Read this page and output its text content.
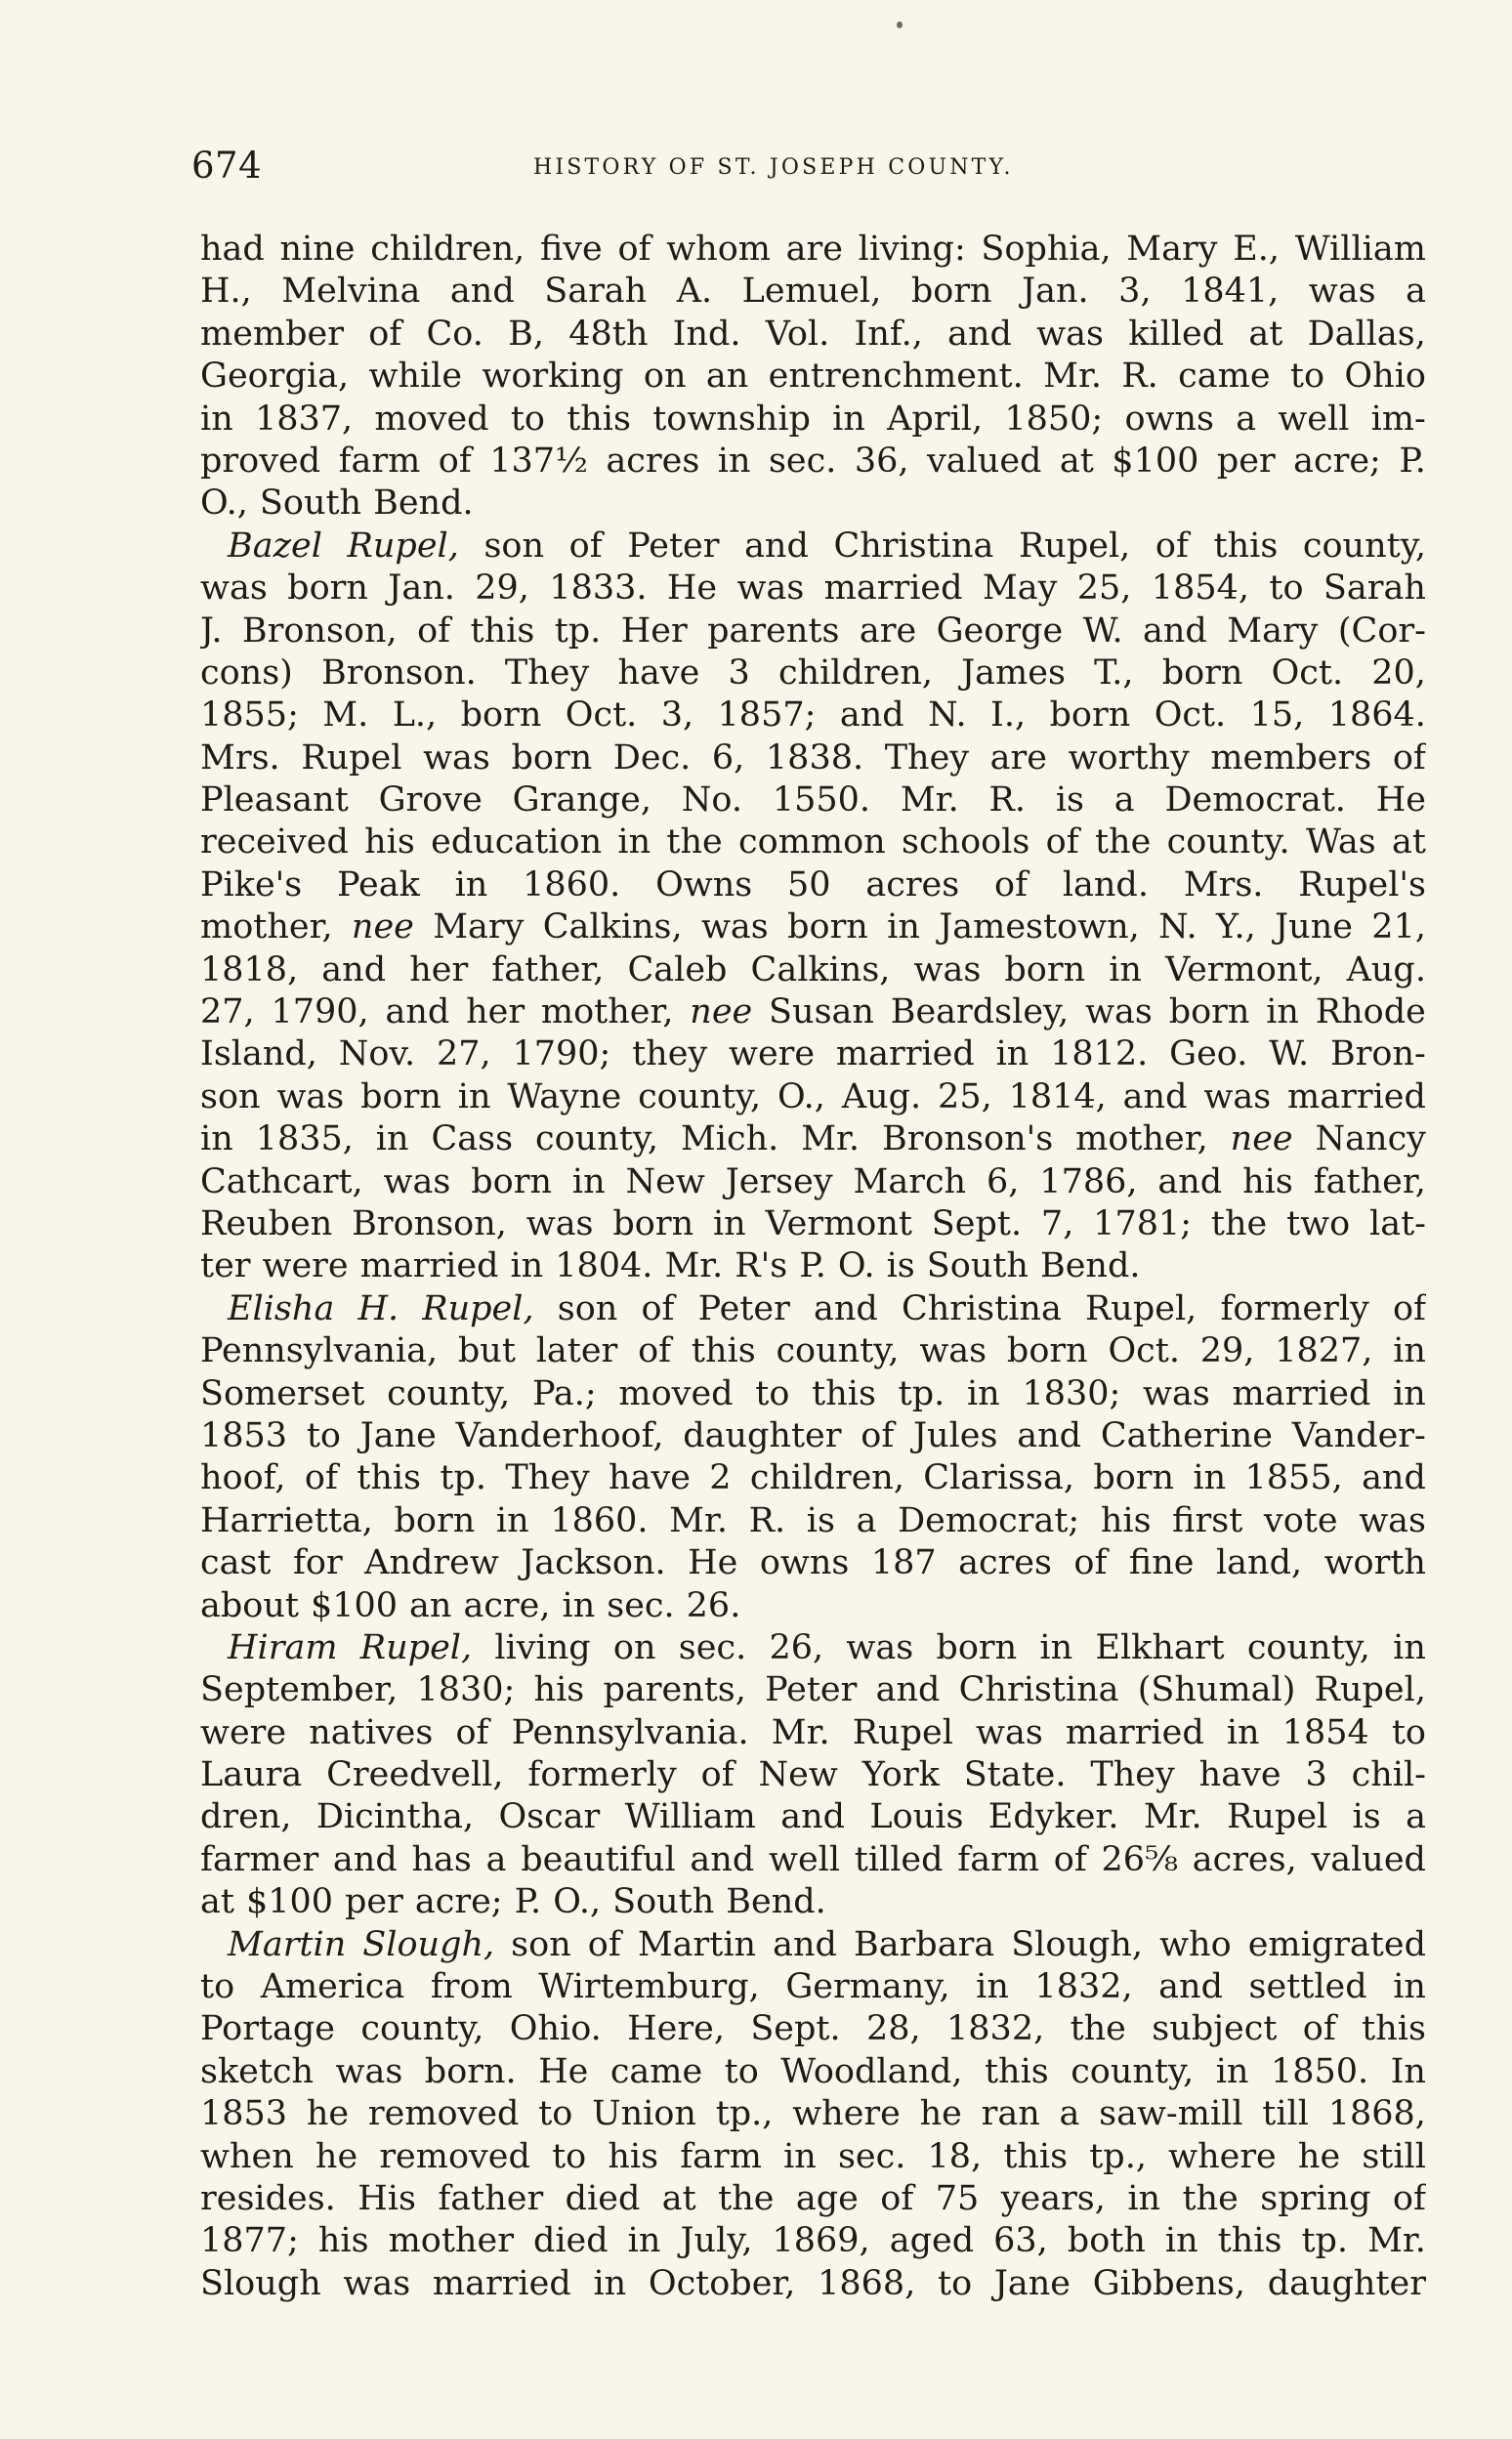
674	HISTORY OF ST. JOSEPH COUNTY.
had nine children, five of whom are living: Sophia, Mary E., William
H., Melvina and Sarah A. Lemuel, born Jan. 3, 1841, was a
member of Co. B, 48th Ind. Vol. Inf., and was killed at Dallas,
Georgia, while working on an entrenchment. Mr. R. came to Ohio
in 1837, moved to this township in April, 1850; owns a well im-
proved farm of 137½ acres in sec. 36, valued at $100 per acre; P.
O., South Bend.
Bazel Rupel, son of Peter and Christina Rupel, of this county,
was born Jan. 29, 1833. He was married May 25, 1854, to Sarah
J. Bronson, of this tp. Her parents are George W. and Mary (Cor-
cons) Bronson. They have 3 children, James T., born Oct. 20,
1855; M. L., born Oct. 3, 1857; and N. I., born Oct. 15, 1864.
Mrs. Rupel was born Dec. 6, 1838. They are worthy members of
Pleasant Grove Grange, No. 1550. Mr. R. is a Democrat. He
received his education in the common schools of the county. Was at
Pike's Peak in 1860. Owns 50 acres of land. Mrs. Rupel's
mother, nee Mary Calkins, was born in Jamestown, N. Y., June 21,
1818, and her father, Caleb Calkins, was born in Vermont, Aug.
27, 1790, and her mother, nee Susan Beardsley, was born in Rhode
Island, Nov. 27, 1790; they were married in 1812. Geo. W. Bron-
son was born in Wayne county, O., Aug. 25, 1814, and was married
in 1835, in Cass county, Mich. Mr. Bronson's mother, nee Nancy
Cathcart, was born in New Jersey March 6, 1786, and his father,
Reuben Bronson, was born in Vermont Sept. 7, 1781; the two lat-
ter were married in 1804. Mr. R's P. O. is South Bend.
Elisha H. Rupel, son of Peter and Christina Rupel, formerly of
Pennsylvania, but later of this county, was born Oct. 29, 1827, in
Somerset county, Pa.; moved to this tp. in 1830; was married in
1853 to Jane Vanderhoof, daughter of Jules and Catherine Vander-
hoof, of this tp. They have 2 children, Clarissa, born in 1855, and
Harrietta, born in 1860. Mr. R. is a Democrat; his first vote was
cast for Andrew Jackson. He owns 187 acres of fine land, worth
about $100 an acre, in sec. 26.
Hiram Rupel, living on sec. 26, was born in Elkhart county, in
September, 1830; his parents, Peter and Christina (Shumal) Rupel,
were natives of Pennsylvania. Mr. Rupel was married in 1854 to
Laura Creedvell, formerly of New York State. They have 3 chil-
dren, Dicintha, Oscar William and Louis Edyker. Mr. Rupel is a
farmer and has a beautiful and well tilled farm of 26⅝ acres, valued
at $100 per acre; P. O., South Bend.
Martin Slough, son of Martin and Barbara Slough, who emigrated
to America from Wirtemburg, Germany, in 1832, and settled in
Portage county, Ohio. Here, Sept. 28, 1832, the subject of this
sketch was born. He came to Woodland, this county, in 1850. In
1853 he removed to Union tp., where he ran a saw-mill till 1868,
when he removed to his farm in sec. 18, this tp., where he still
resides. His father died at the age of 75 years, in the spring of
1877; his mother died in July, 1869, aged 63, both in this tp. Mr.
Slough was married in October, 1868, to Jane Gibbens, daughter
